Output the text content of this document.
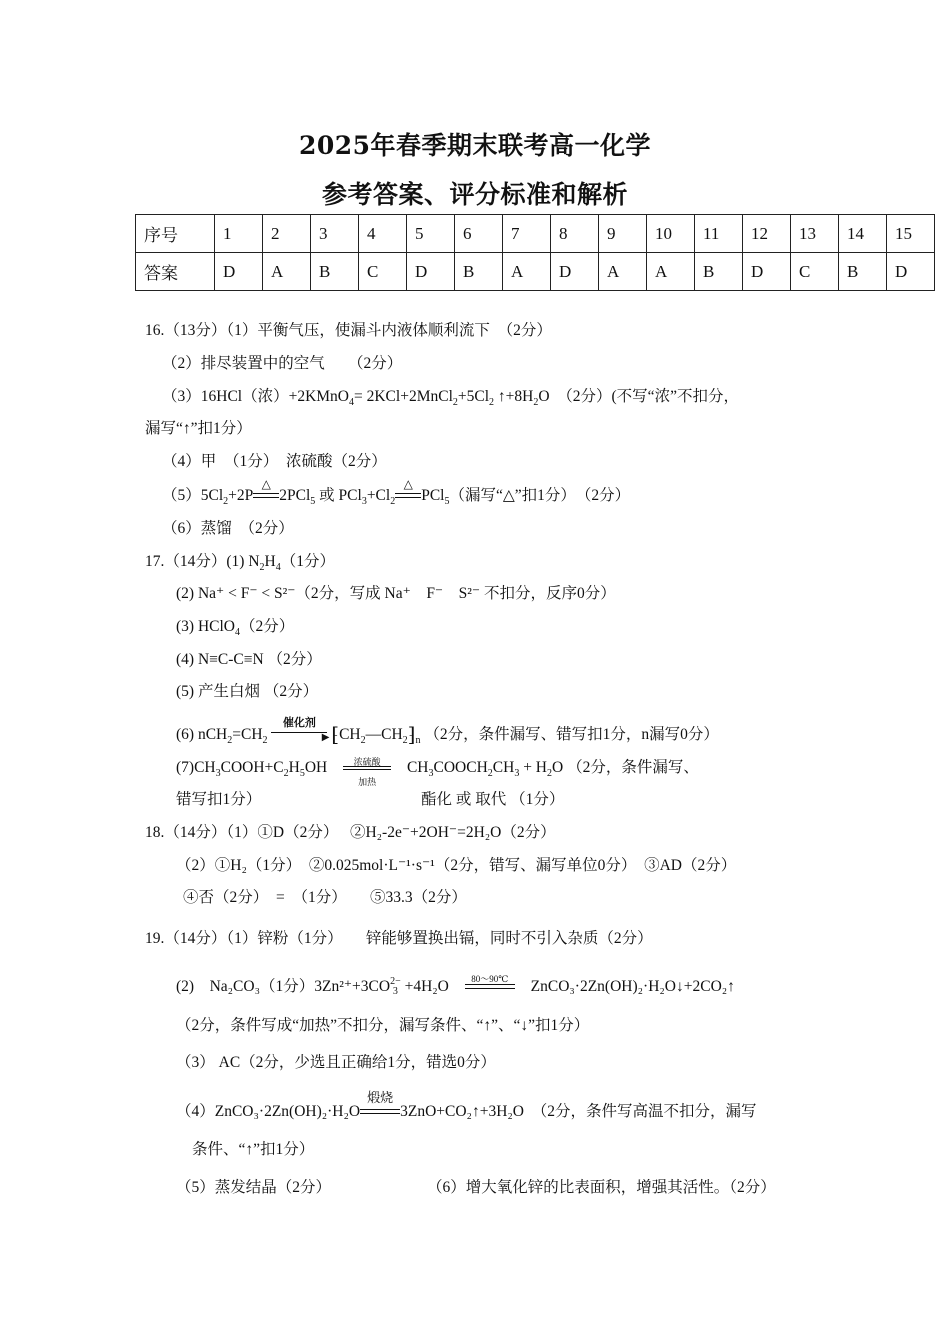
2025年春季期末联考高一化学
参考答案、评分标准和解析
序号	1	2	3	4	5	6	7	8	9	10	11	12	13	14	15
答案	D	A	B	C	D	B	A	D	A	A	B	D	C	B	D
16.（13分）（1）平衡气压，使漏斗内液体顺利流下　（2分）
（2）排尽装置中的空气　　（2分）
（3）16HCl（浓）+2KMnO$_4$= $2KCl+2MnCl_2+5Cl_2$ $↑+8H_2O$　（2分）(不写“浓”不扣分，
漏写“↑”扣1分）
（4）甲　（1分）　浓硫酸（2分）
$(5)5Cl_2+2P$
△
2PCl$_5$ 或 $PCl_3+Cl_2$
△
PCl$_5$（漏写“△”扣1分）　（2分）
（6）蒸馏　（2分）
17.（14分）(1) $N_2H_4(1$分）
(2) Na⁺ < F⁻ < S²⁻（2分，写成 Na⁺　F⁻　S²⁻ 不扣分，反序0分）
(3) HClO$_4$（2分）
(4) N≡C-C≡N （2分）
(5) 产生白烟 （2分）
(6) $nCH_2=CH_2$
催化剂
▶ $⁅CH_2—CH_2⁆_n$ （2分，条件漏写、错写扣1分，n漏写0分）
$(7)CH_3COOH+C_2H_5OH$	浓硫酸
加热
$CH_3COOCH_2CH_3 + H_2O$ （2分，条件漏写、
错写扣1分）	酯化 或 取代 （1分）
18.（14分）（1）①D（2分）　 ②H₂-2e⁻+2OH⁻=2H₂O（2分）
（2）①H₂（1分）　②0.025mol·L⁻¹·s⁻¹（2分，错写、漏写单位0分）　③AD（2分）
④否（2分）　=　（1分）　　⑤33.3（2分）
19.（14分）（1）锌粉（1分）　　锌能够置换出镉，同时不引入杂质（2分）
(2)　Na₂CO₃（1分）3Zn²⁺+3CO2−
3 +4H₂O	80～90℃	ZnCO₃·2Zn(OH)₂·H₂O↓+2CO₂↑
（2分，条件写成“加热”不扣分，漏写条件、“↑”、“↓”扣1分）
（3） AC（2分，少选且正确给1分，错选0分）
（4）ZnCO₃·2Zn(OH)₂·H₂O
煅烧
3ZnO+CO₂↑+3H₂O　（2分，条件写高温不扣分，漏写
条件、“↑”扣1分）
（5）蒸发结晶（2分）	（6）增大氧化锌的比表面积，增强其活性。（2分）
